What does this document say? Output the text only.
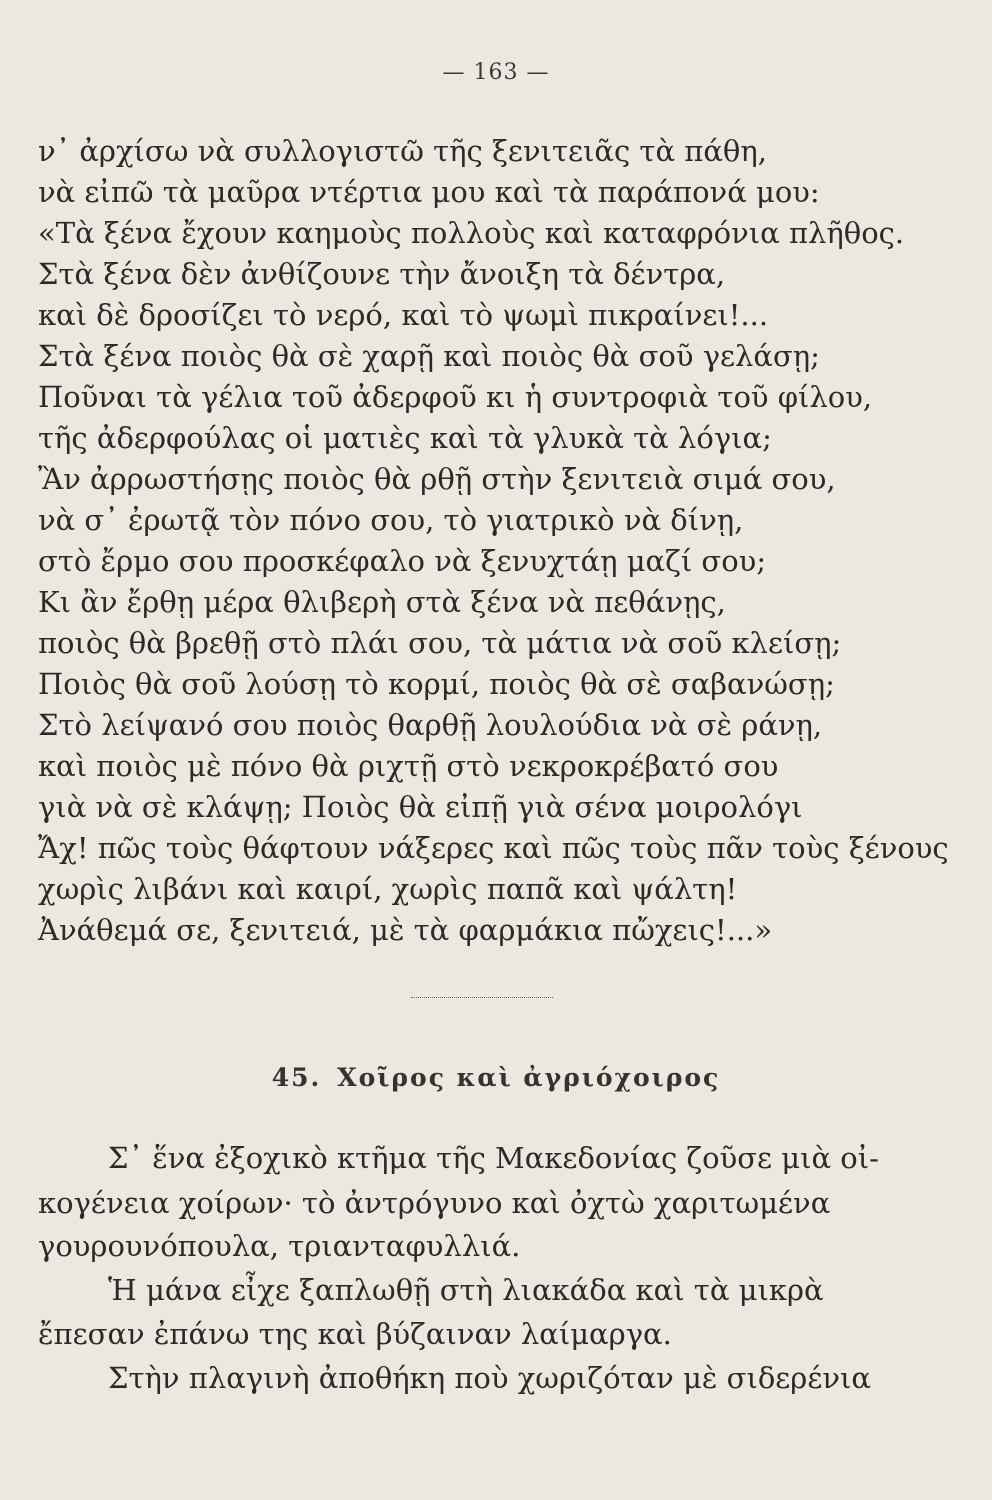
— 163 —
ν᾿ ἀρχίσω νὰ συλλογιστῶ τῆς ξενιτειᾶς τὰ πάθη,
νὰ εἰπῶ τὰ μαῦρα ντέρτια μου καὶ τὰ παράπονά μου:
«Τὰ ξένα ἔχουν καημοὺς πολλοὺς καὶ καταφρόνια πλῆθος.
Στὰ ξένα δὲν ἀνθίζουνε τὴν ἄνοιξη τὰ δέντρα,
καὶ δὲ δροσίζει τὸ νερό, καὶ τὸ ψωμὶ πικραίνει!...
Στὰ ξένα ποιὸς θὰ σὲ χαρῇ καὶ ποιὸς θὰ σοῦ γελάσῃ;
Ποῦναι τὰ γέλια τοῦ ἀδερφοῦ κι ἡ συντροφιὰ τοῦ φίλου,
τῆς ἀδερφούλας οἱ ματιὲς καὶ τὰ γλυκὰ τὰ λόγια;
Ἂν ἀρρωστήσῃς ποιὸς θὰ ρθῇ στὴν ξενιτειὰ σιμά σου,
νὰ σ᾿ ἐρωτᾷ τὸν πόνο σου, τὸ γιατρικὸ νὰ δίνῃ,
στὸ ἔρμο σου προσκέφαλο νὰ ξενυχτάῃ μαζί σου;
Κι ἂν ἔρθῃ μέρα θλιβερὴ στὰ ξένα νὰ πεθάνῃς,
ποιὸς θὰ βρεθῇ στὸ πλάι σου, τὰ μάτια νὰ σοῦ κλείσῃ;
Ποιὸς θὰ σοῦ λούσῃ τὸ κορμί, ποιὸς θὰ σὲ σαβανώσῃ;
Στὸ λείψανό σου ποιὸς θαρθῇ λουλούδια νὰ σὲ ράνῃ,
καὶ ποιὸς μὲ πόνο θὰ ριχτῇ στὸ νεκροκρέβατό σου
γιὰ νὰ σὲ κλάψῃ; Ποιὸς θὰ εἰπῇ γιὰ σένα μοιρολόγι
Ἄχ! πῶς τοὺς θάφτουν νάξερες καὶ πῶς τοὺς πᾶν τοὺς ξένους
χωρὶς λιβάνι καὶ καιρί, χωρὶς παπᾶ καὶ ψάλτη!
Ἀνάθεμά σε, ξενιτειά, μὲ τὰ φαρμάκια πὤχεις!...»
45. Χοῖρος καὶ ἀγριόχοιρος
Σ᾿ ἕνα ἐξοχικὸ κτῆμα τῆς Μακεδονίας ζοῦσε μιὰ οἰ-
κογένεια χοίρων· τὸ ἀντρόγυνο καὶ ὀχτὼ χαριτωμένα
γουρουνόπουλα, τριανταφυλλιά.
Ἡ μάνα εἶχε ξαπλωθῇ στὴ λιακάδα καὶ τὰ μικρὰ
ἔπεσαν ἐπάνω της καὶ βύζαιναν λαίμαργα.
Στὴν πλαγινὴ ἀποθήκη ποὺ χωριζόταν μὲ σιδερένια
